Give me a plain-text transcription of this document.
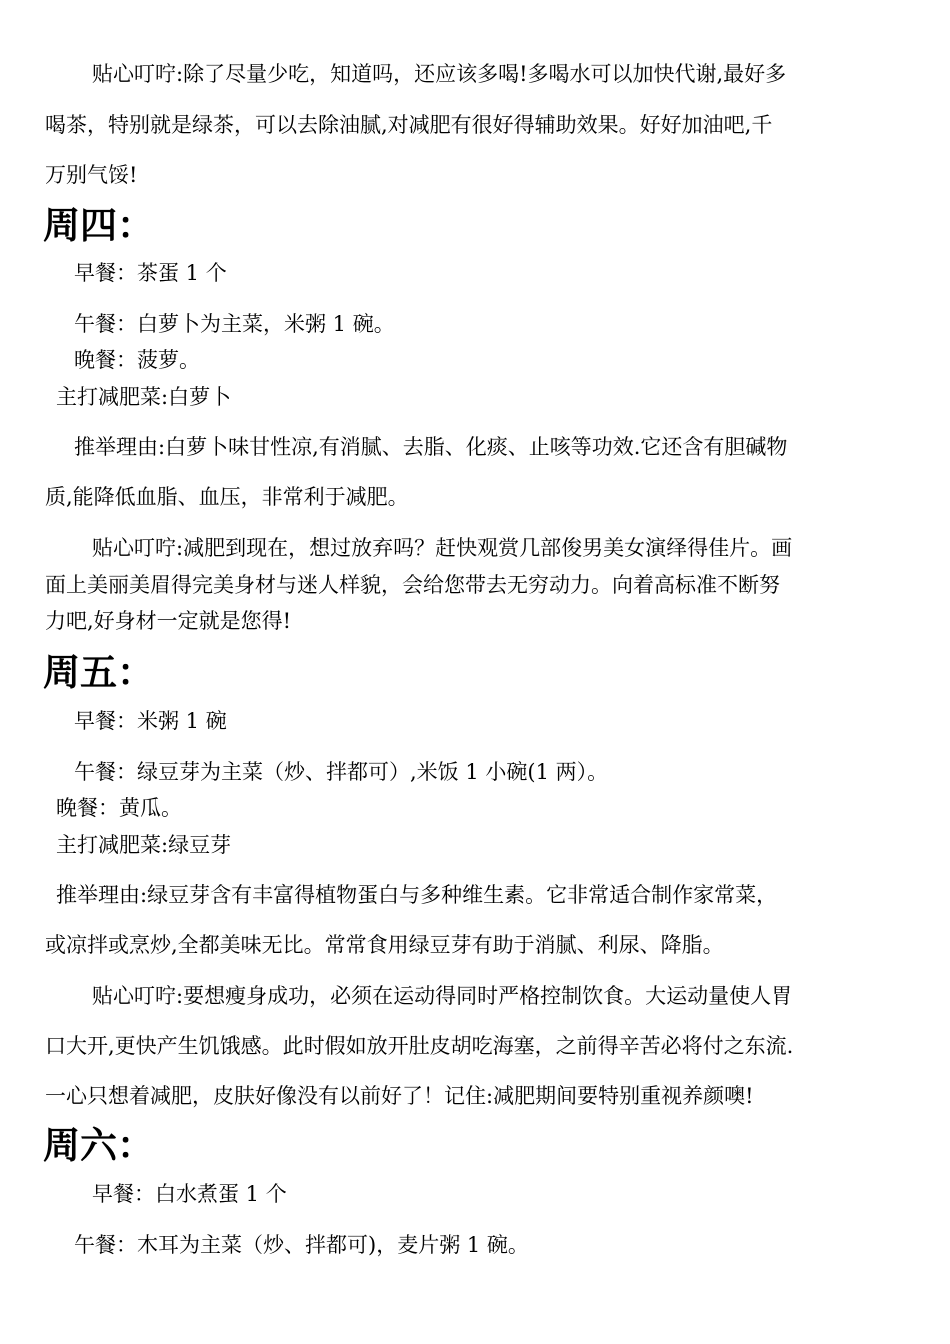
贴心叮咛:除了尽量少吃，知道吗，还应该多喝!多喝水可以加快代谢,最好多
喝茶，特别就是绿茶，可以去除油腻,对减肥有很好得辅助效果。好好加油吧,千
万别气馁!
周四：
早餐：茶蛋 1 个
午餐：白萝卜为主菜，米粥 1 碗。
晚餐：菠萝。
主打减肥菜:白萝卜
推举理由:白萝卜味甘性凉,有消腻、去脂、化痰、止咳等功效.它还含有胆碱物
质,能降低血脂、血压，非常利于减肥。
贴心叮咛:减肥到现在，想过放弃吗？赶快观赏几部俊男美女演绎得佳片。画
面上美丽美眉得完美身材与迷人样貌，会给您带去无穷动力。向着高标准不断努
力吧,好身材一定就是您得!
周五：
早餐：米粥 1 碗
午餐：绿豆芽为主菜（炒、拌都可）,米饭 1 小碗(1 两）。
晚餐：黄瓜。
主打减肥菜:绿豆芽
推举理由:绿豆芽含有丰富得植物蛋白与多种维生素。它非常适合制作家常菜，
或凉拌或烹炒,全都美味无比。常常食用绿豆芽有助于消腻、利尿、降脂。
贴心叮咛:要想瘦身成功，必须在运动得同时严格控制饮食。大运动量使人胃
口大开,更快产生饥饿感。此时假如放开肚皮胡吃海塞，之前得辛苦必将付之东流.
一心只想着减肥，皮肤好像没有以前好了！记住:减肥期间要特别重视养颜噢!
周六：
早餐：白水煮蛋 1 个
午餐：木耳为主菜（炒、拌都可)，麦片粥 1 碗。
